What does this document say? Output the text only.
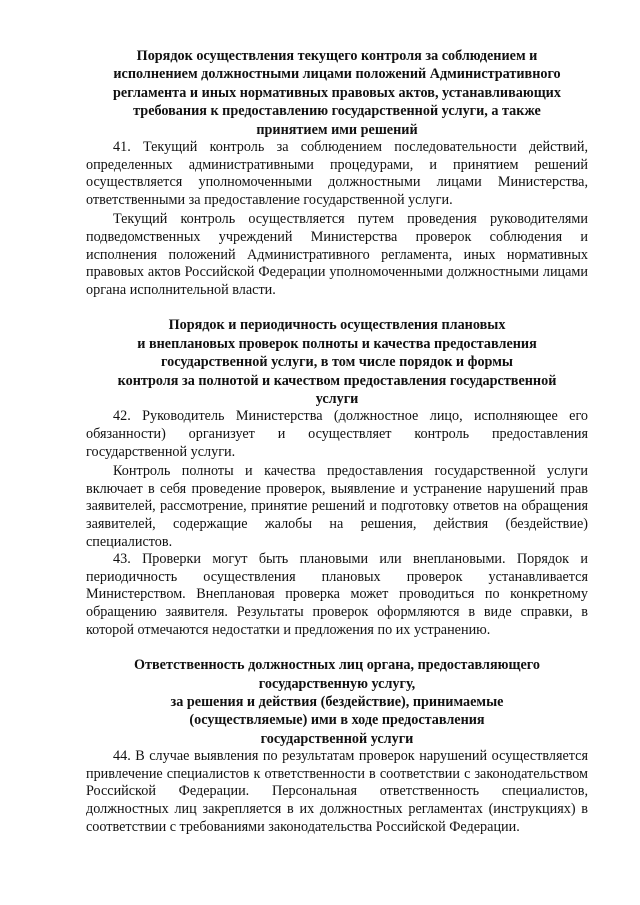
Порядок осуществления текущего контроля за соблюдением и
исполнением должностными лицами положений Административного
регламента и иных нормативных правовых актов, устанавливающих
требования к предоставлению государственной услуги, а также
принятием ими решений

41. Текущий контроль за соблюдением последовательности действий, определенных административными процедурами, и принятием решений осуществляется уполномоченными должностными лицами Министерства, ответственными за предоставление государственной услуги.

Текущий контроль осуществляется путем проведения руководителями подведомственных учреждений Министерства проверок соблюдения и исполнения положений Административного регламента, иных нормативных правовых актов Российской Федерации уполномоченными должностными лицами органа исполнительной власти.

Порядок и периодичность осуществления плановых
и внеплановых проверок полноты и качества предоставления
государственной услуги, в том числе порядок и формы
контроля за полнотой и качеством предоставления государственной
услуги

42. Руководитель Министерства (должностное лицо, исполняющее его обязанности) организует и осуществляет контроль предоставления государственной услуги.

Контроль полноты и качества предоставления государственной услуги включает в себя проведение проверок, выявление и устранение нарушений прав заявителей, рассмотрение, принятие решений и подготовку ответов на обращения заявителей, содержащие жалобы на решения, действия (бездействие) специалистов.

43. Проверки могут быть плановыми или внеплановыми. Порядок и периодичность осуществления плановых проверок устанавливается Министерством. Внеплановая проверка может проводиться по конкретному обращению заявителя. Результаты проверок оформляются в виде справки, в которой отмечаются недостатки и предложения по их устранению.

Ответственность должностных лиц органа, предоставляющего
государственную услугу,
за решения и действия (бездействие), принимаемые
(осуществляемые) ими в ходе предоставления
государственной услуги

44. В случае выявления по результатам проверок нарушений осуществляется привлечение специалистов к ответственности в соответствии с законодательством Российской Федерации. Персональная ответственность специалистов, должностных лиц закрепляется в их должностных регламентах (инструкциях) в соответствии с требованиями законодательства Российской Федерации.
